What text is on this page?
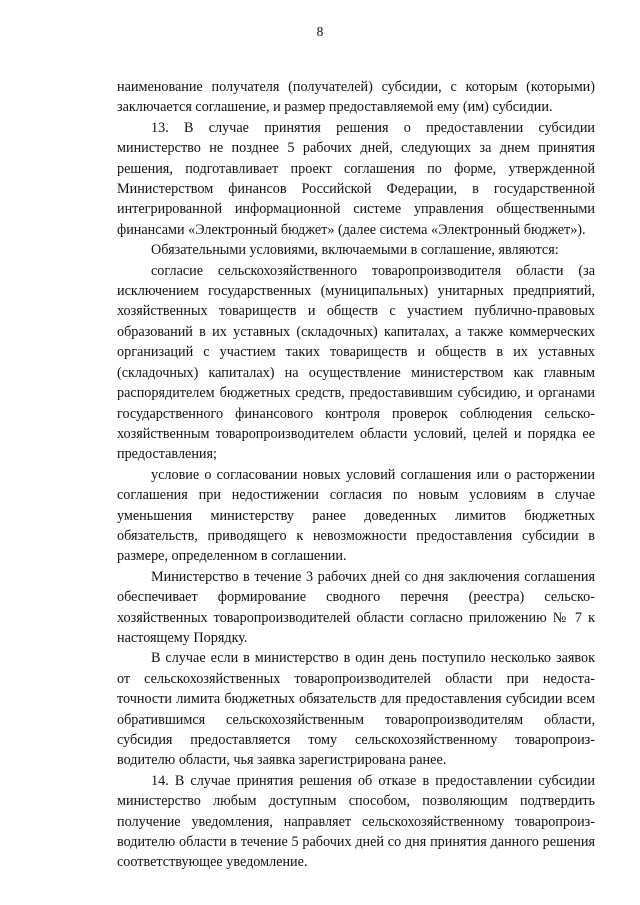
8

наименование получателя (получателей) субсидии, с которым (которыми) заключается соглашение, и размер предоставляемой ему (им) субсидии.

13. В случае принятия решения о предоставлении субсидии министерство не позднее 5 рабочих дней, следующих за днем принятия решения, подготавливает проект соглашения по форме, утвержденной Министерством финансов Российской Федерации, в государственной интегрированной информационной системе управления общественными финансами «Электронный бюджет» (далее система «Электронный бюджет»).

Обязательными условиями, включаемыми в соглашение, являются:

согласие сельскохозяйственного товаропроизводителя области (за исключением государственных (муниципальных) унитарных предприятий, хозяйственных товариществ и обществ с участием публично-правовых образований в их уставных (складочных) капиталах, а также коммерческих организаций с участием таких товариществ и обществ в их уставных (складочных) капиталах) на осуществление министерством как главным распорядителем бюджетных средств, предоставившим субсидию, и органами государственного финансового контроля проверок соблюдения сельско-хозяйственным товаропроизводителем области условий, целей и порядка ее предоставления;

условие о согласовании новых условий соглашения или о расторжении соглашения при недостижении согласия по новым условиям в случае уменьшения министерству ранее доведенных лимитов бюджетных обязательств, приводящего к невозможности предоставления субсидии в размере, определенном в соглашении.

Министерство в течение 3 рабочих дней со дня заключения соглашения обеспечивает формирование сводного перечня (реестра) сельско-хозяйственных товаропроизводителей области согласно приложению № 7 к настоящему Порядку.

В случае если в министерство в один день поступило несколько заявок от сельскохозяйственных товаропроизводителей области при недоста-точности лимита бюджетных обязательств для предоставления субсидии всем обратившимся сельскохозяйственным товаропроизводителям области, субсидия предоставляется тому сельскохозяйственному товаропроиз-водителю области, чья заявка зарегистрирована ранее.

14. В случае принятия решения об отказе в предоставлении субсидии министерство любым доступным способом, позволяющим подтвердить получение уведомления, направляет сельскохозяйственному товаропроиз-водителю области в течение 5 рабочих дней со дня принятия данного решения соответствующее уведомление.
